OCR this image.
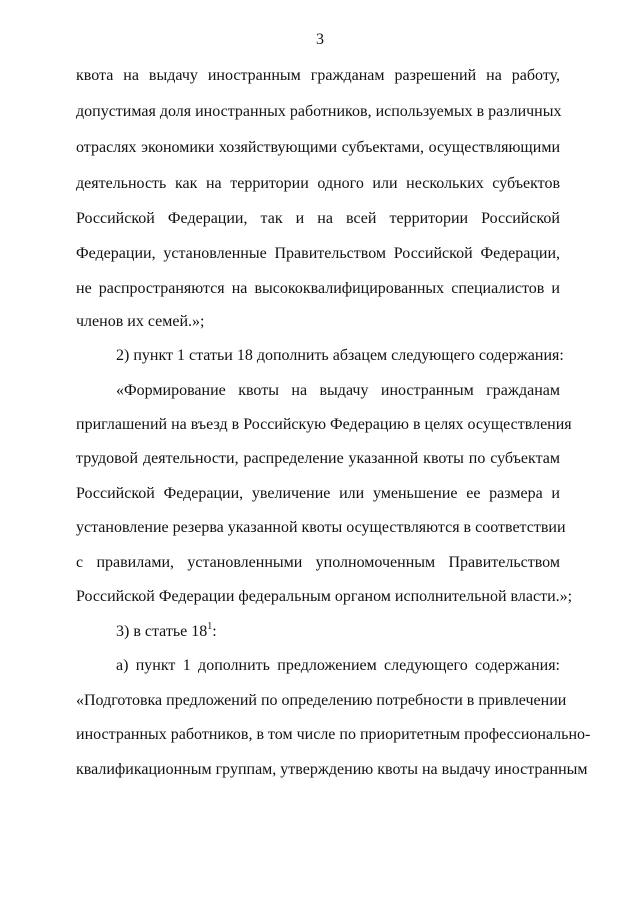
3
квота на выдачу иностранным гражданам разрешений на работу,
допустимая доля иностранных работников, используемых в различных
отраслях экономики хозяйствующими субъектами, осуществляющими
деятельность как на территории одного или нескольких субъектов
Российской Федерации, так и на всей территории Российской
Федерации, установленные Правительством Российской Федерации,
не распространяются на высококвалифицированных специалистов и
членов их семей.»;
2) пункт 1 статьи 18 дополнить абзацем следующего содержания:
«Формирование квоты на выдачу иностранным гражданам
приглашений на въезд в Российскую Федерацию в целях осуществления
трудовой деятельности, распределение указанной квоты по субъектам
Российской Федерации, увеличение или уменьшение ее размера и
установление резерва указанной квоты осуществляются в соответствии
с правилами, установленными уполномоченным Правительством
Российской Федерации федеральным органом исполнительной власти.»;
3) в статье $18^1$:
а) пункт 1 дополнить предложением следующего содержания:
«Подготовка предложений по определению потребности в привлечении
иностранных работников, в том числе по приоритетным профессионально-
квалификационным группам, утверждению квоты на выдачу иностранным
